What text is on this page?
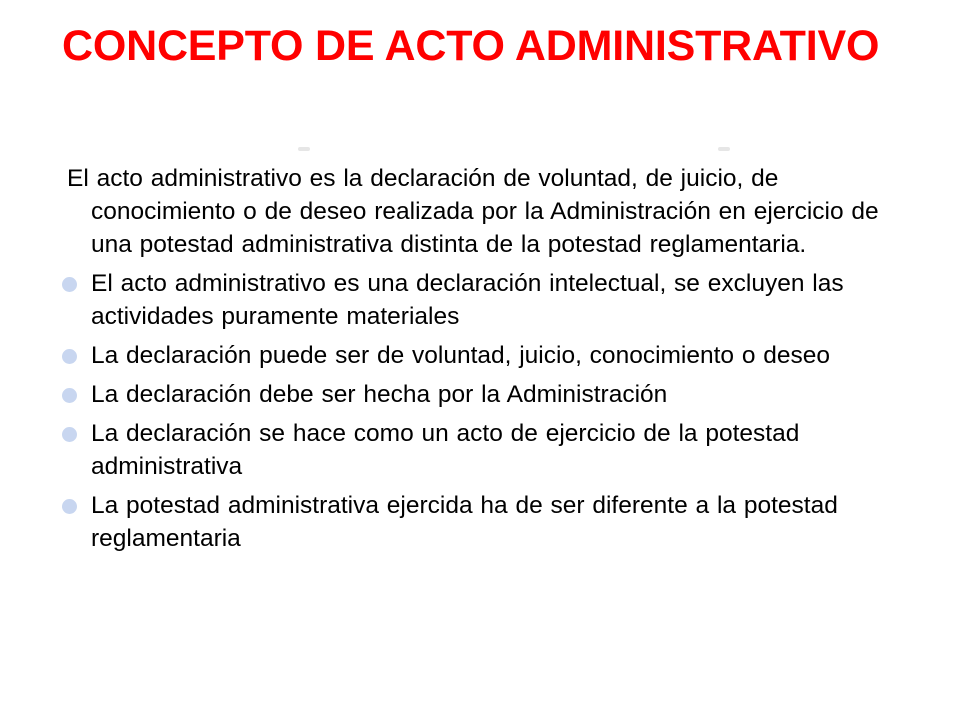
CONCEPTO DE ACTO ADMINISTRATIVO

El acto administrativo es la declaración de voluntad, de juicio, de conocimiento o de deseo realizada por la Administración en ejercicio de una potestad administrativa distinta de la potestad reglamentaria.

El acto administrativo es una declaración intelectual, se excluyen las actividades puramente materiales
La declaración puede ser de voluntad, juicio, conocimiento o deseo
La declaración debe ser hecha por la Administración
La declaración se hace como un acto de ejercicio de la potestad administrativa
La potestad administrativa ejercida ha de ser diferente a la potestad reglamentaria
